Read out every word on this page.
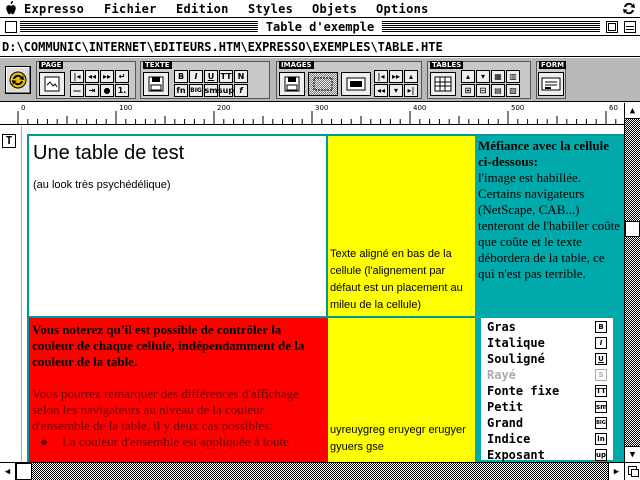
Expresso Fichier Edition Styles Objets Options
Table d'exemple
D:\COMMUNIC\INTERNET\EDITEURS.HTM\EXPRESSO\EXEMPLES\TABLE.HTE
PAGE
|◂ ◂◂ ▸▸ ↵
— ⇥	● 1.
TEXTE
B	I	U TT N
fn BIG sm sup f
IMAGES
|◂ ▸▸	▴
◂◂	▾	▸|
TABLES
▴	▾	▦ ▥
⊞	⊟ ▤ ▧
FORM
0	100	200	300	400	500	60
T
Une table de test
(au look très psychédélique)
Texte aligné en bas de la cellule (l'alignement par défaut est un placement au mileu de la cellule)
Méfiance avec la cellule ci-dessous:
l'image est habillée. Certains navigateurs (NetScape, CAB...) tenteront de l'habiller coûte que coûte et le texte débordera de la table, ce qui n'est pas terrible.
Vous noterez qu'il est possible de contrôler la couleur de chaque cellule, indépendamment de la couleur de la table.
Vous pourrez remarquer des différences d'affichage selon les navigateurs au niveau de la couleur d'ensemble de la table, il y deux cas possibles:
● La couleur d'ensemble est appliquée à toute
uyreuygreg eruyegr erugyer gyuers gse
Gras	B
Italique	I
Souligné	U
Rayé	S
Fonte fixe	TT
Petit	sm
Grand	BIG
Indice	ln
Exposant	up
▲
▼
◀	▶
